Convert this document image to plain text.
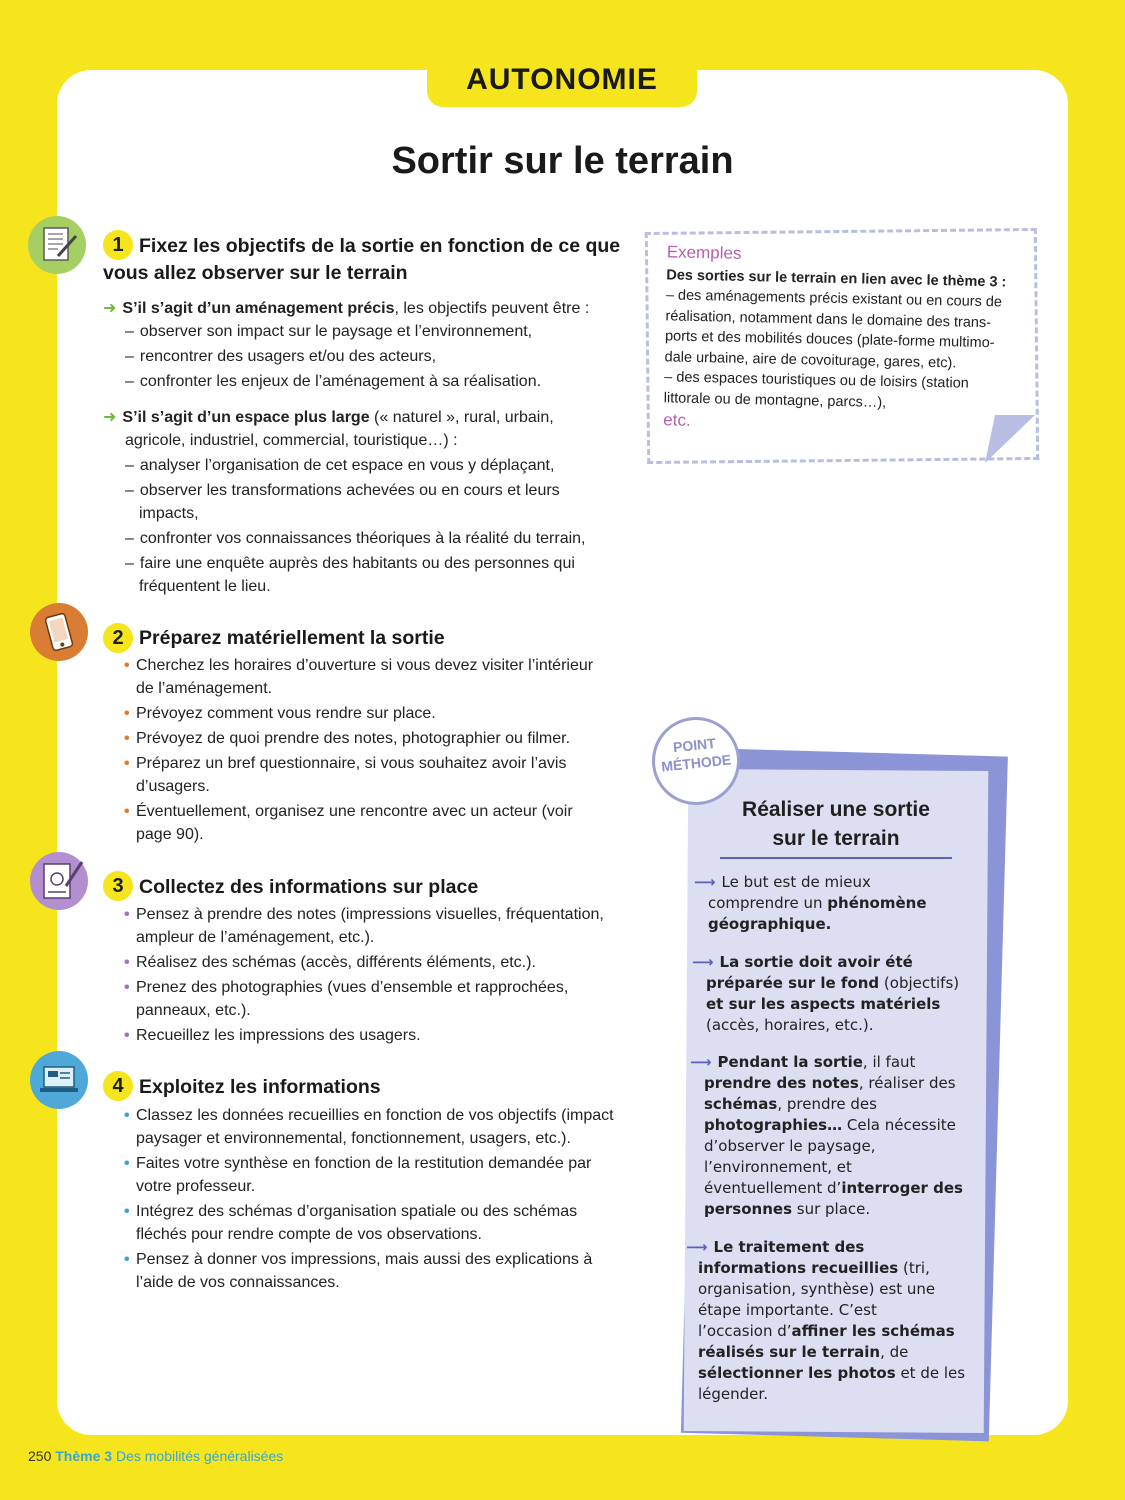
AUTONOMIE
Sortir sur le terrain
1 Fixez les objectifs de la sortie en fonction de ce que
vous allez observer sur le terrain
➜ S’il s’agit d’un aménagement précis, les objectifs peuvent être :
– observer son impact sur le paysage et l’environnement,
– rencontrer des usagers et/ou des acteurs,
– confronter les enjeux de l’aménagement à sa réalisation.
➜ S’il s’agit d’un espace plus large (« naturel », rural, urbain,
agricole, industriel, commercial, touristique…) :
– analyser l’organisation de cet espace en vous y déplaçant,
– observer les transformations achevées ou en cours et leurs
impacts,
– confronter vos connaissances théoriques à la réalité du terrain,
– faire une enquête auprès des habitants ou des personnes qui
fréquentent le lieu.
2 Préparez matériellement la sortie
• Cherchez les horaires d’ouverture si vous devez visiter l’intérieur
de l’aménagement.
• Prévoyez comment vous rendre sur place.
• Prévoyez de quoi prendre des notes, photographier ou filmer.
• Préparez un bref questionnaire, si vous souhaitez avoir l’avis
d’usagers.
• Éventuellement, organisez une rencontre avec un acteur (voir
page 90).
3 Collectez des informations sur place
• Pensez à prendre des notes (impressions visuelles, fréquentation,
ampleur de l’aménagement, etc.).
• Réalisez des schémas (accès, différents éléments, etc.).
• Prenez des photographies (vues d’ensemble et rapprochées,
panneaux, etc.).
• Recueillez les impressions des usagers.
4 Exploitez les informations
• Classez les données recueillies en fonction de vos objectifs (impact
paysager et environnemental, fonctionnement, usagers, etc.).
• Faites votre synthèse en fonction de la restitution demandée par
votre professeur.
• Intégrez des schémas d’organisation spatiale ou des schémas
fléchés pour rendre compte de vos observations.
• Pensez à donner vos impressions, mais aussi des explications à
l’aide de vos connaissances.
Exemples
Des sorties sur le terrain en lien avec le thème 3 :
– des aménagements précis existant ou en cours de
réalisation, notamment dans le domaine des trans-
ports et des mobilités douces (plate-forme multimo-
dale urbaine, aire de covoiturage, gares, etc).
– des espaces touristiques ou de loisirs (station
littorale ou de montagne, parcs…),
etc.
POINT
MÉTHODE
Réaliser une sortie
sur le terrain
⟶ Le but est de mieux
comprendre un phénomène
géographique.
⟶ La sortie doit avoir été
préparée sur le fond (objectifs)
et sur les aspects matériels
(accès, horaires, etc.).
⟶ Pendant la sortie, il faut
prendre des notes, réaliser des
schémas, prendre des
photographies… Cela nécessite
d’observer le paysage,
l’environnement, et
éventuellement d’interroger des
personnes sur place.
⟶ Le traitement des
informations recueillies (tri,
organisation, synthèse) est une
étape importante. C’est
l’occasion d’affiner les schémas
réalisés sur le terrain, de
sélectionner les photos et de les
légender.
250 Thème 3 Des mobilités généralisées
